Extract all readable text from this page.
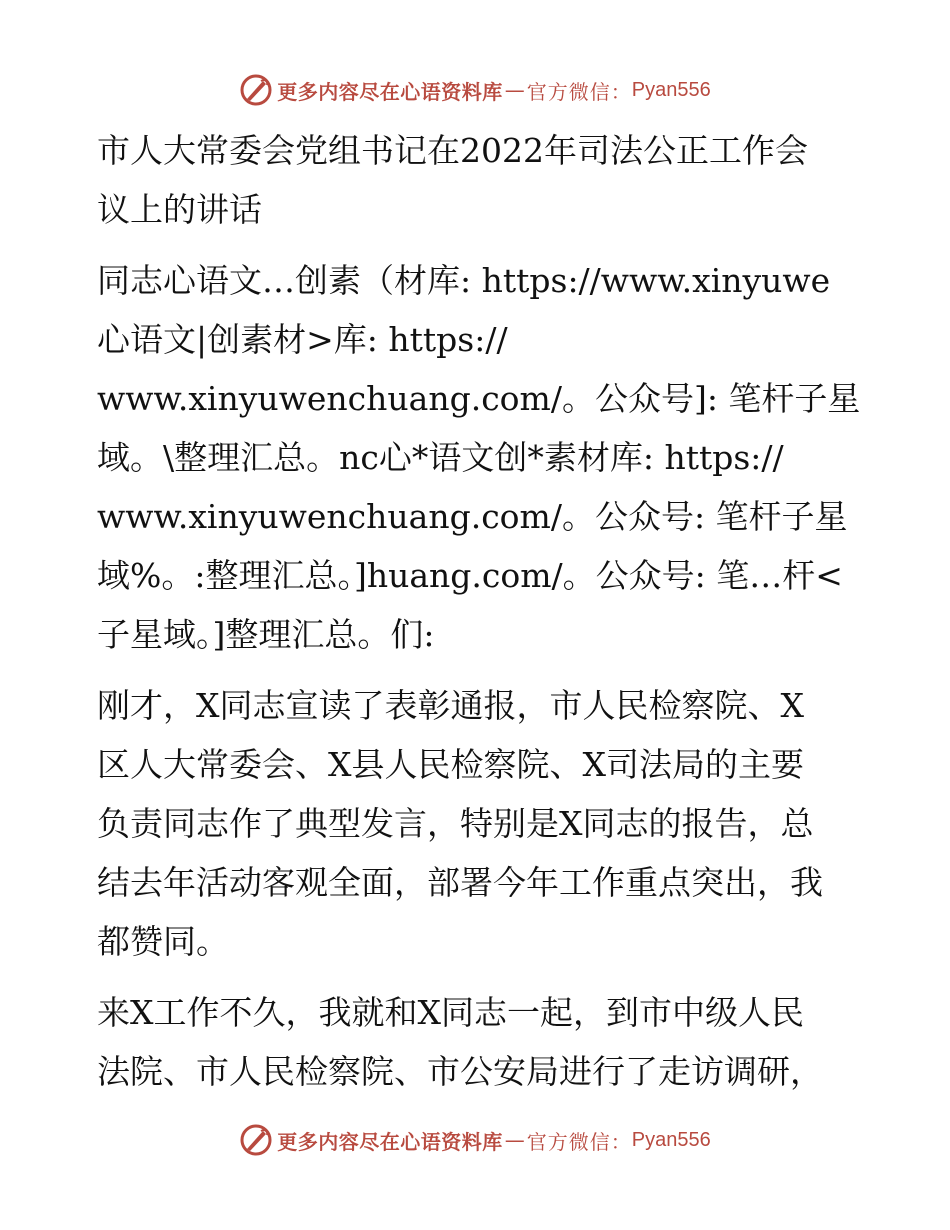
更多内容尽在心语资料库 — 官方微信： Pyan556

市人大常委会党组书记在2022年司法公正工作会
议上的讲话

同志心语文…创素（材库: https://www.xinyuwe
心语文|创素材>库: https://
www.xinyuwenchuang.com/。公众号]: 笔杆子星
域。\整理汇总。nc心*语文创*素材库: https://
www.xinyuwenchuang.com/。公众号: 笔杆子星
域%。:整理汇总。]huang.com/。公众号: 笔…杆<
子星域。]整理汇总。们:

刚才，X同志宣读了表彰通报，市人民检察院、X
区人大常委会、X县人民检察院、X司法局的主要
负责同志作了典型发言，特别是X同志的报告，总
结去年活动客观全面，部署今年工作重点突出，我
都赞同。

来X工作不久，我就和X同志一起，到市中级人民
法院、市人民检察院、市公安局进行了走访调研，

更多内容尽在心语资料库 — 官方微信： Pyan556
